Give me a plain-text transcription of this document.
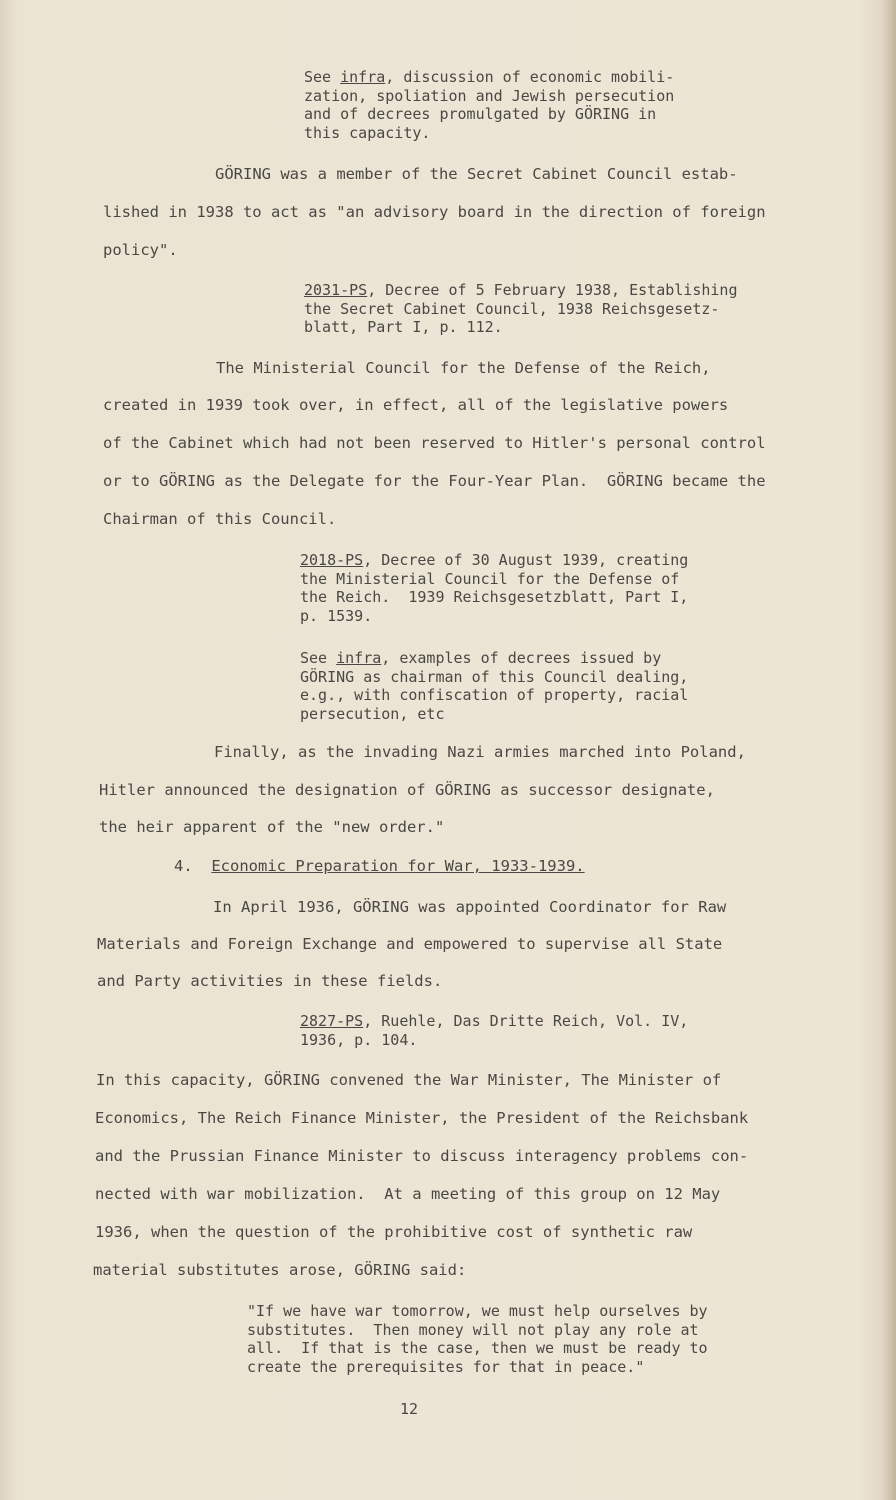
See infra, discussion of economic mobili-
zation, spoliation and Jewish persecution
and of decrees promulgated by GÖRING in
this capacity.
GÖRING was a member of the Secret Cabinet Council estab-
lished in 1938 to act as "an advisory board in the direction of foreign
policy".
2031-PS, Decree of 5 February 1938, Establishing
the Secret Cabinet Council, 1938 Reichsgesetz-
blatt, Part I, p. 112.
The Ministerial Council for the Defense of the Reich,
created in 1939 took over, in effect, all of the legislative powers
of the Cabinet which had not been reserved to Hitler's personal control
or to GÖRING as the Delegate for the Four-Year Plan.  GÖRING became the
Chairman of this Council.
2018-PS, Decree of 30 August 1939, creating
the Ministerial Council for the Defense of
the Reich.  1939 Reichsgesetzblatt, Part I,
p. 1539.
See infra, examples of decrees issued by
GÖRING as chairman of this Council dealing,
e.g., with confiscation of property, racial
persecution, etc
Finally, as the invading Nazi armies marched into Poland,
Hitler announced the designation of GÖRING as successor designate,
the heir apparent of the "new order."
4. Economic Preparation for War, 1933-1939.
In April 1936, GÖRING was appointed Coordinator for Raw
Materials and Foreign Exchange and empowered to supervise all State
and Party activities in these fields.
2827-PS, Ruehle, Das Dritte Reich, Vol. IV,
1936, p. 104.
In this capacity, GÖRING convened the War Minister, The Minister of
Economics, The Reich Finance Minister, the President of the Reichsbank
and the Prussian Finance Minister to discuss interagency problems con-
nected with war mobilization.  At a meeting of this group on 12 May
1936, when the question of the prohibitive cost of synthetic raw
material substitutes arose, GÖRING said:
"If we have war tomorrow, we must help ourselves by
substitutes.  Then money will not play any role at
all.  If that is the case, then we must be ready to
create the prerequisites for that in peace."
12
